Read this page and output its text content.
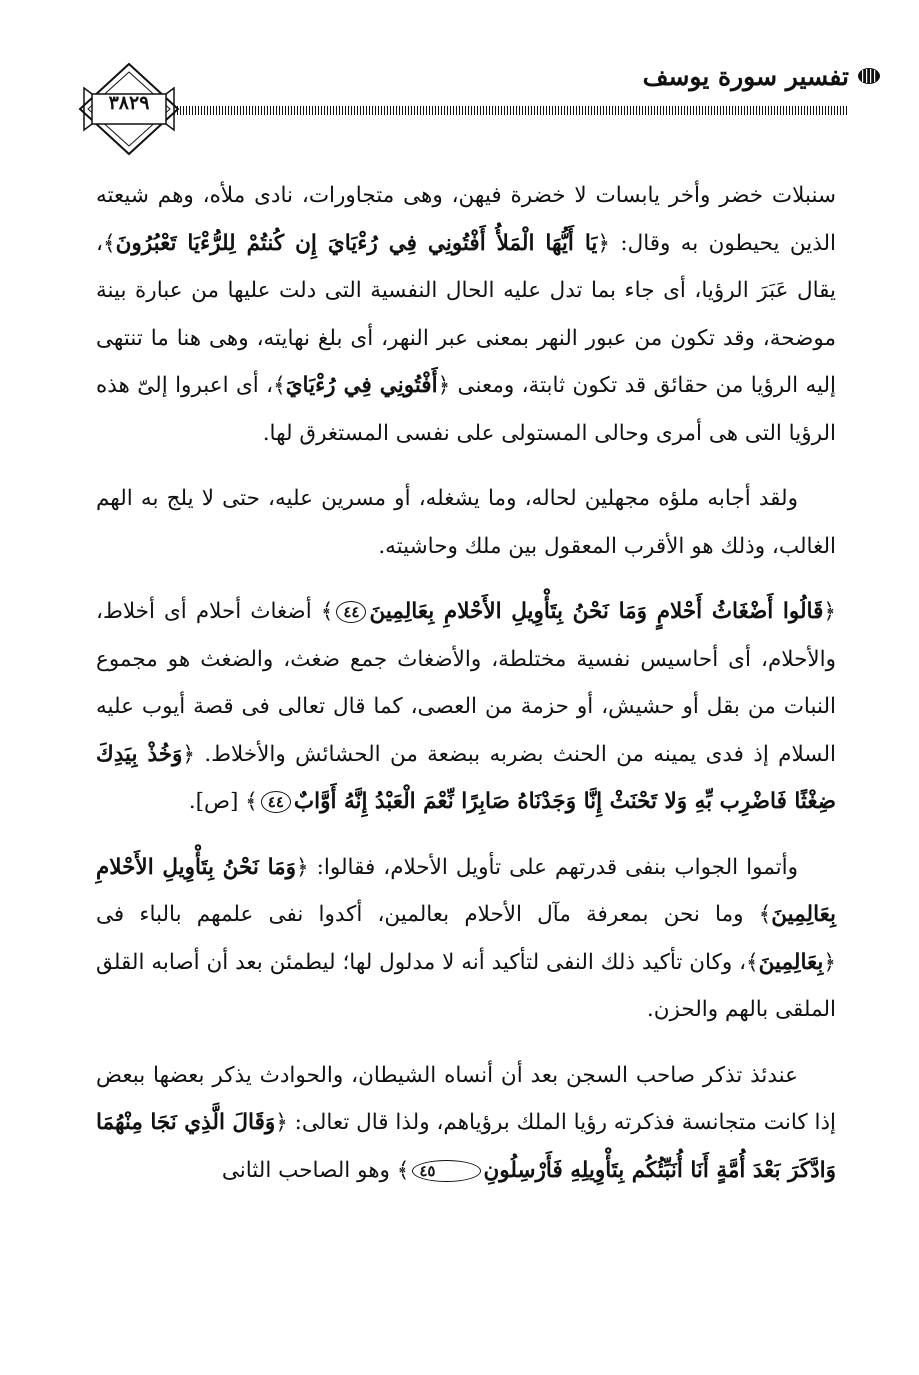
تفسير سورة يوسف
٣٨٢٩

سنبلات خضر وأخر يابسات لا خضرة فيهن، وهى متجاورات، نادى ملأه، وهم شيعته الذين يحيطون به وقال: ﴿يَا أَيُّهَا الْمَلأُ أَفْتُونِي فِي رُءْيَايَ إِن كُنتُمْ لِلرُّءْيَا تَعْبُرُونَ﴾، يقال عَبَرَ الرؤيا، أى جاء بما تدل عليه الحال النفسية التى دلت عليها من عبارة بينة موضحة، وقد تكون من عبور النهر بمعنى عبر النهر، أى بلغ نهايته، وهى هنا ما تنتهى إليه الرؤيا من حقائق قد تكون ثابتة، ومعنى ﴿أَفْتُونِي فِي رُءْيَايَ﴾، أى اعبروا إلىّ هذه الرؤيا التى هى أمرى وحالى المستولى على نفسى المستغرق لها.

ولقد أجابه ملؤه مجهلين لحاله، وما يشغله، أو مسرين عليه، حتى لا يلج به الهم الغالب، وذلك هو الأقرب المعقول بين ملك وحاشيته.

﴿قَالُوا أَضْغَاثُ أَحْلامٍ وَمَا نَحْنُ بِتَأْوِيلِ الأَحْلامِ بِعَالِمِينَ٤٤﴾ أضغاث أحلام أى أخلاط، والأحلام، أى أحاسيس نفسية مختلطة، والأضغاث جمع ضغث، والضغث هو مجموع النبات من بقل أو حشيش، أو حزمة من العصى، كما قال تعالى فى قصة أيوب عليه السلام إذ فدى يمينه من الحنث بضربه ببضعة من الحشائش والأخلاط. ﴿وَخُذْ بِيَدِكَ ضِغْثًا فَاضْرِب بِّهِ وَلا تَحْنَثْ إِنَّا وَجَدْنَاهُ صَابِرًا نِّعْمَ الْعَبْدُ إِنَّهُ أَوَّابٌ٤٤﴾ [ص].

وأتموا الجواب بنفى قدرتهم على تأويل الأحلام، فقالوا: ﴿وَمَا نَحْنُ بِتَأْوِيلِ الأَحْلامِ بِعَالِمِينَ﴾ وما نحن بمعرفة مآل الأحلام بعالمين، أكدوا نفى علمهم بالباء فى ﴿بِعَالِمِينَ﴾، وكان تأكيد ذلك النفى لتأكيد أنه لا مدلول لها؛ ليطمئن بعد أن أصابه القلق الملقى بالهم والحزن.

عندئذ تذكر صاحب السجن بعد أن أنساه الشيطان، والحوادث يذكر بعضها ببعض إذا كانت متجانسة فذكرته رؤيا الملك برؤياهم، ولذا قال تعالى: ﴿وَقَالَ الَّذِي نَجَا مِنْهُمَا وَادَّكَرَ بَعْدَ أُمَّةٍ أَنَا أُنَبِّئُكُم بِتَأْوِيلِهِ فَأَرْسِلُونِ٤٥﴾ وهو الصاحب الثانى
